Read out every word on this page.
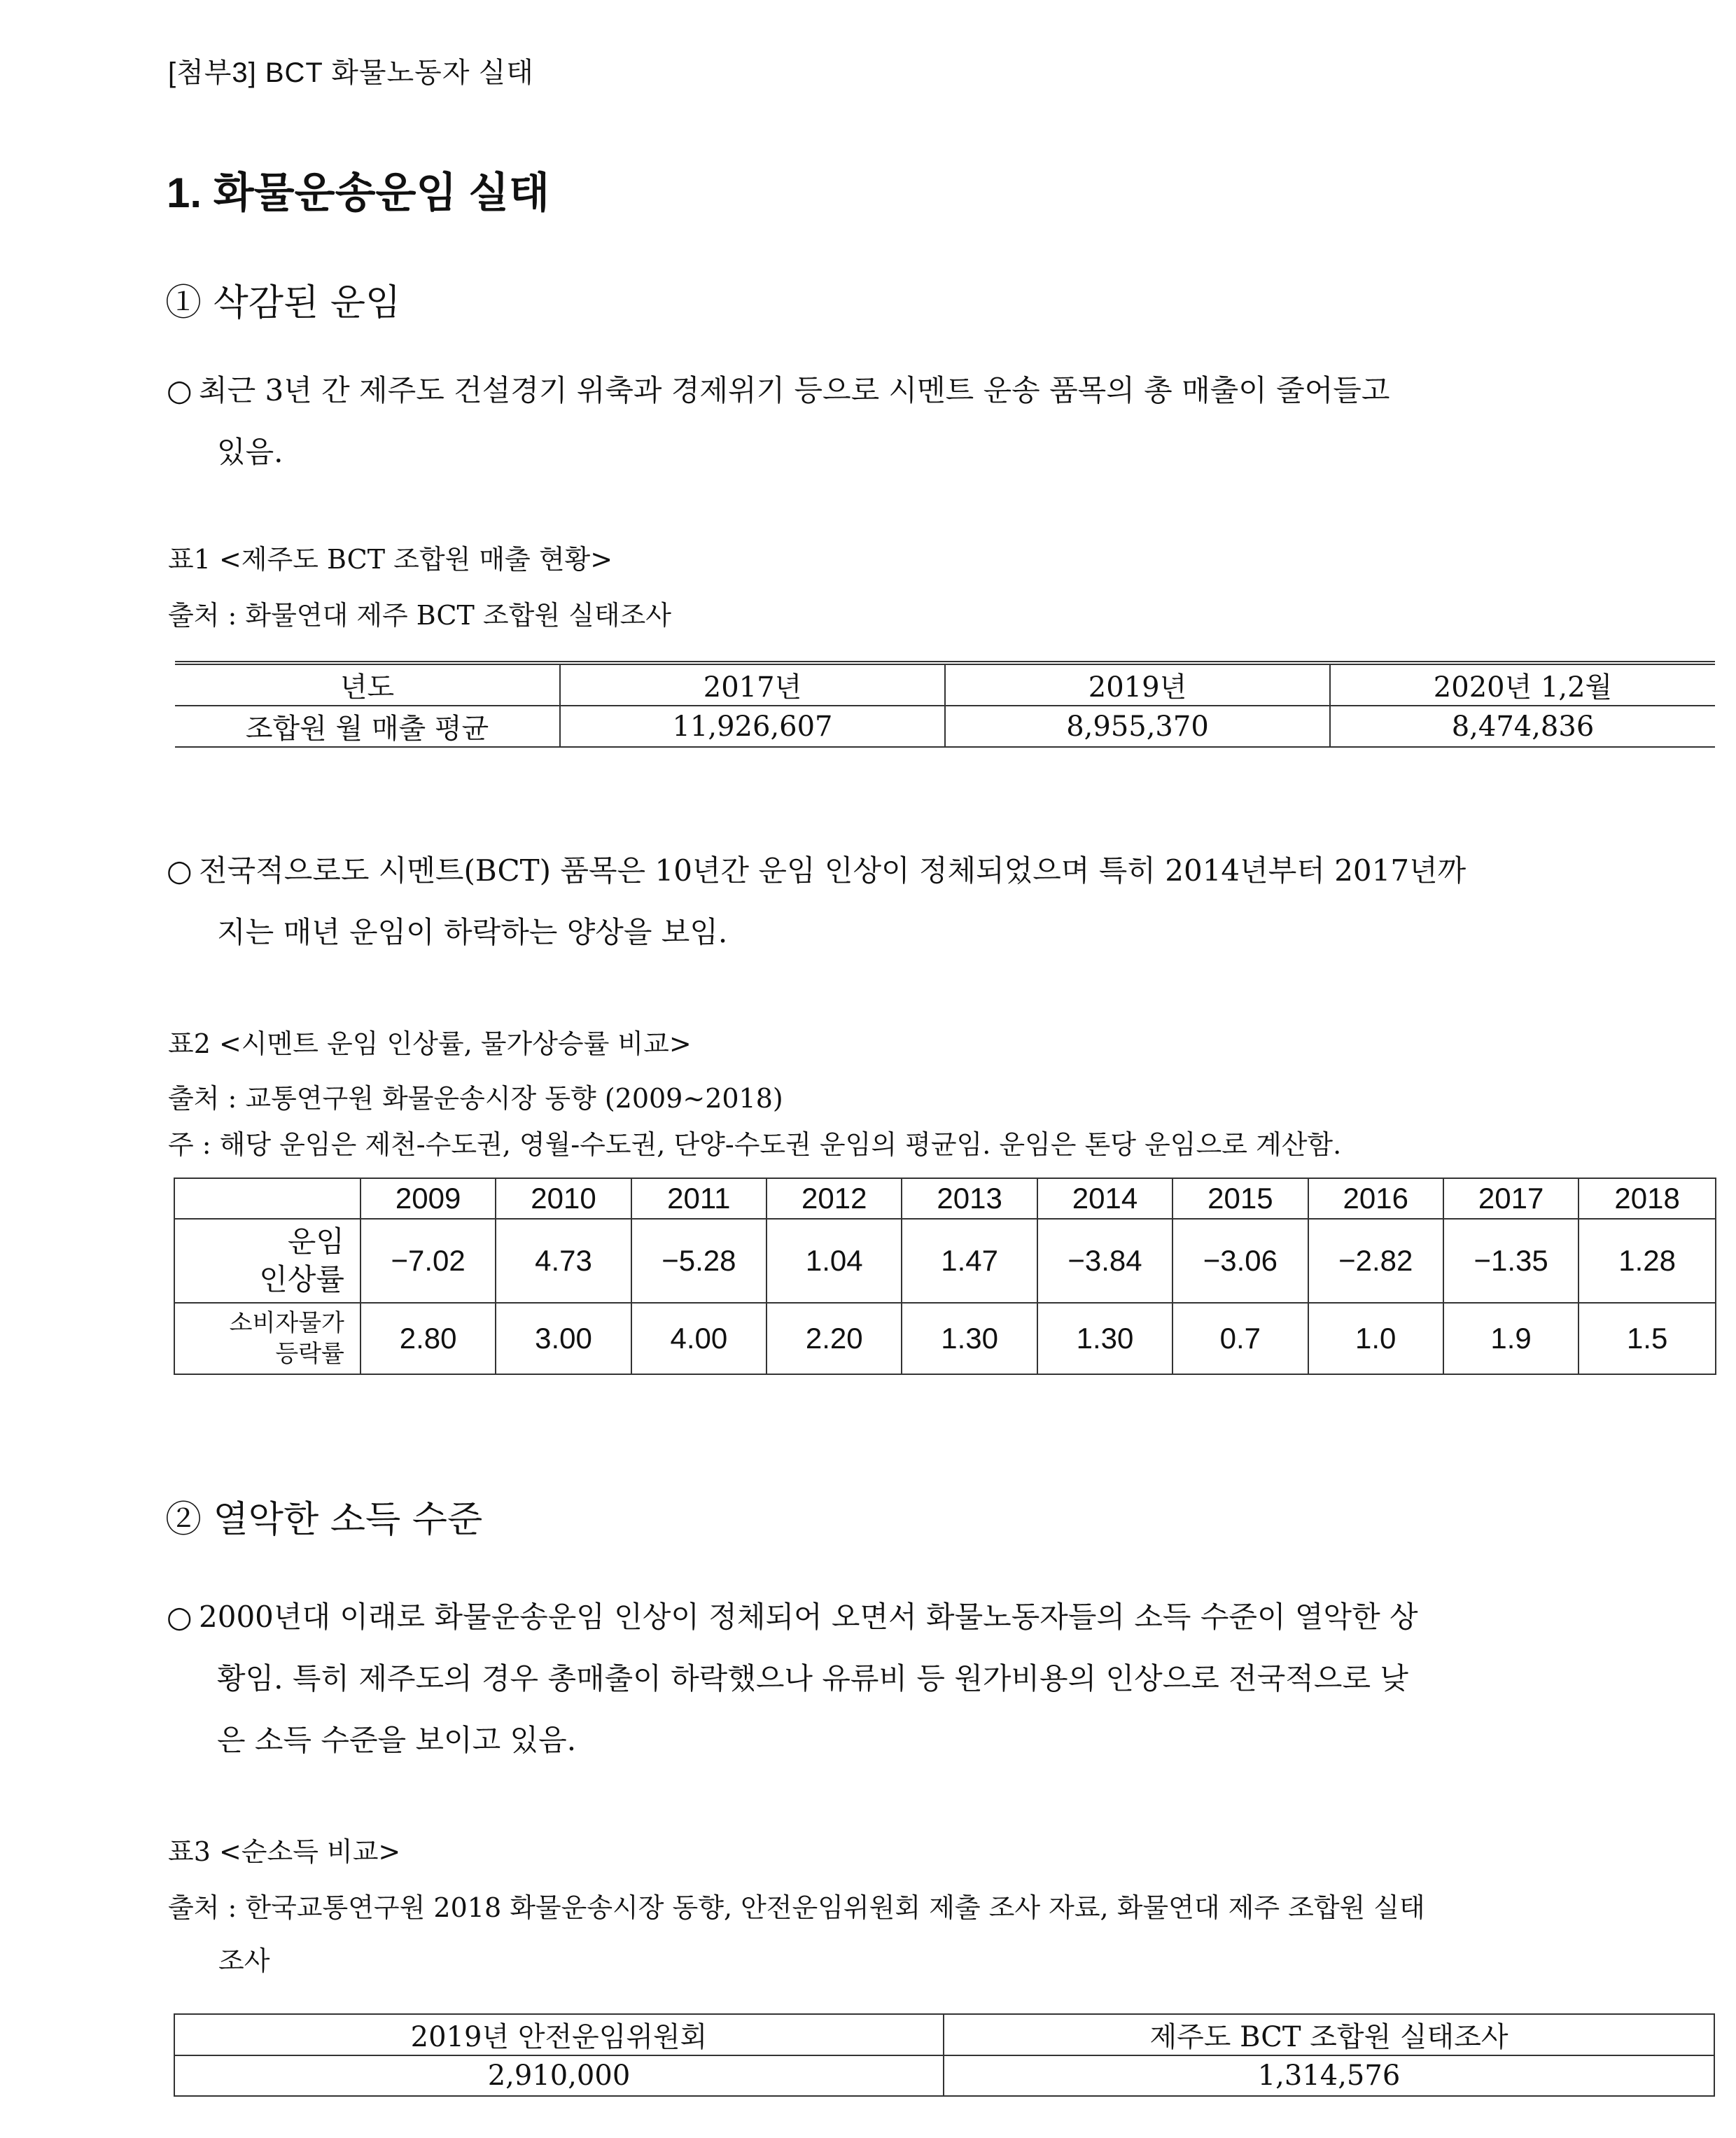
[첨부3] BCT 화물노동자 실태
1. 화물운송운임 실태
① 삭감된 운임
○ 최근 3년 간 제주도 건설경기 위축과 경제위기 등으로 시멘트 운송 품목의 총 매출이 줄어들고
있음.
표1 <제주도 BCT 조합원 매출 현황>
출처 : 화물연대 제주 BCT 조합원 실태조사
년도	2017년	2019년	2020년 1,2월
조합원 월 매출 평균	11,926,607	8,955,370	8,474,836
○ 전국적으로도 시멘트(BCT) 품목은 10년간 운임 인상이 정체되었으며 특히 2014년부터 2017년까
지는 매년 운임이 하락하는 양상을 보임.
표2 <시멘트 운임 인상률, 물가상승률 비교>
출처 : 교통연구원 화물운송시장 동향 (2009~2018)
주 : 해당 운임은 제천-수도권, 영월-수도권, 단양-수도권 운임의 평균임. 운임은 톤당 운임으로 계산함.
	2009	2010	2011	2012	2013	2014	2015	2016	2017	2018

운임
인상률	−7.02	4.73	−5.28	1.04	1.47	−3.84	−3.06	−2.82	−1.35	1.28

소비자물가
등락률	2.80	3.00	4.00	2.20	1.30	1.30	0.7	1.0	1.9	1.5
② 열악한 소득 수준
○ 2000년대 이래로 화물운송운임 인상이 정체되어 오면서 화물노동자들의 소득 수준이 열악한 상
황임. 특히 제주도의 경우 총매출이 하락했으나 유류비 등 원가비용의 인상으로 전국적으로 낮
은 소득 수준을 보이고 있음.
표3 <순소득 비교>
출처 : 한국교통연구원 2018 화물운송시장 동향, 안전운임위원회 제출 조사 자료, 화물연대 제주 조합원 실태
조사
2019년 안전운임위원회	제주도 BCT 조합원 실태조사
2,910,000	1,314,576
